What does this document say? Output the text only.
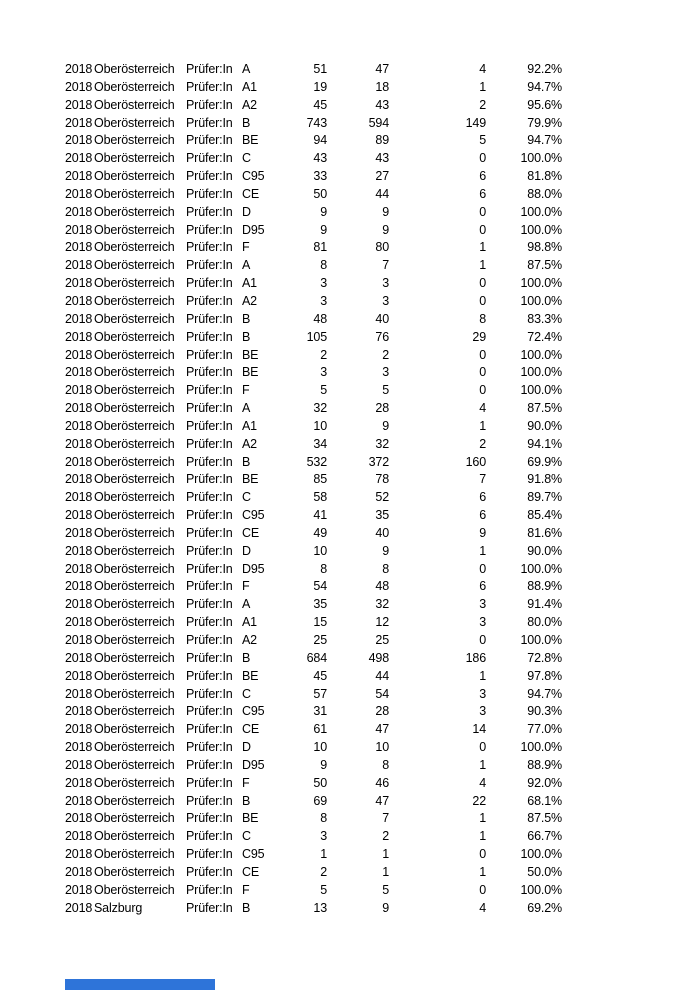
2018 Oberösterreich Prüfer:In A	51	47	4	92.2%
2018 Oberösterreich Prüfer:In A1	19	18	1	94.7%
2018 Oberösterreich Prüfer:In A2	45	43	2	95.6%
2018 Oberösterreich Prüfer:In B	743	594	149	79.9%
2018 Oberösterreich Prüfer:In BE	94	89	5	94.7%
2018 Oberösterreich Prüfer:In C	43	43	0	100.0%
2018 Oberösterreich Prüfer:In C95	33	27	6	81.8%
2018 Oberösterreich Prüfer:In CE	50	44	6	88.0%
2018 Oberösterreich Prüfer:In D	9	9	0	100.0%
2018 Oberösterreich Prüfer:In D95	9	9	0	100.0%
2018 Oberösterreich Prüfer:In F	81	80	1	98.8%
2018 Oberösterreich Prüfer:In A	8	7	1	87.5%
2018 Oberösterreich Prüfer:In A1	3	3	0	100.0%
2018 Oberösterreich Prüfer:In A2	3	3	0	100.0%
2018 Oberösterreich Prüfer:In B	48	40	8	83.3%
2018 Oberösterreich Prüfer:In B	105	76	29	72.4%
2018 Oberösterreich Prüfer:In BE	2	2	0	100.0%
2018 Oberösterreich Prüfer:In BE	3	3	0	100.0%
2018 Oberösterreich Prüfer:In F	5	5	0	100.0%
2018 Oberösterreich Prüfer:In A	32	28	4	87.5%
2018 Oberösterreich Prüfer:In A1	10	9	1	90.0%
2018 Oberösterreich Prüfer:In A2	34	32	2	94.1%
2018 Oberösterreich Prüfer:In B	532	372	160	69.9%
2018 Oberösterreich Prüfer:In BE	85	78	7	91.8%
2018 Oberösterreich Prüfer:In C	58	52	6	89.7%
2018 Oberösterreich Prüfer:In C95	41	35	6	85.4%
2018 Oberösterreich Prüfer:In CE	49	40	9	81.6%
2018 Oberösterreich Prüfer:In D	10	9	1	90.0%
2018 Oberösterreich Prüfer:In D95	8	8	0	100.0%
2018 Oberösterreich Prüfer:In F	54	48	6	88.9%
2018 Oberösterreich Prüfer:In A	35	32	3	91.4%
2018 Oberösterreich Prüfer:In A1	15	12	3	80.0%
2018 Oberösterreich Prüfer:In A2	25	25	0	100.0%
2018 Oberösterreich Prüfer:In B	684	498	186	72.8%
2018 Oberösterreich Prüfer:In BE	45	44	1	97.8%
2018 Oberösterreich Prüfer:In C	57	54	3	94.7%
2018 Oberösterreich Prüfer:In C95	31	28	3	90.3%
2018 Oberösterreich Prüfer:In CE	61	47	14	77.0%
2018 Oberösterreich Prüfer:In D	10	10	0	100.0%
2018 Oberösterreich Prüfer:In D95	9	8	1	88.9%
2018 Oberösterreich Prüfer:In F	50	46	4	92.0%
2018 Oberösterreich Prüfer:In B	69	47	22	68.1%
2018 Oberösterreich Prüfer:In BE	8	7	1	87.5%
2018 Oberösterreich Prüfer:In C	3	2	1	66.7%
2018 Oberösterreich Prüfer:In C95	1	1	0	100.0%
2018 Oberösterreich Prüfer:In CE	2	1	1	50.0%
2018 Oberösterreich Prüfer:In F	5	5	0	100.0%
2018 Salzburg	Prüfer:In B	13	9	4	69.2%
